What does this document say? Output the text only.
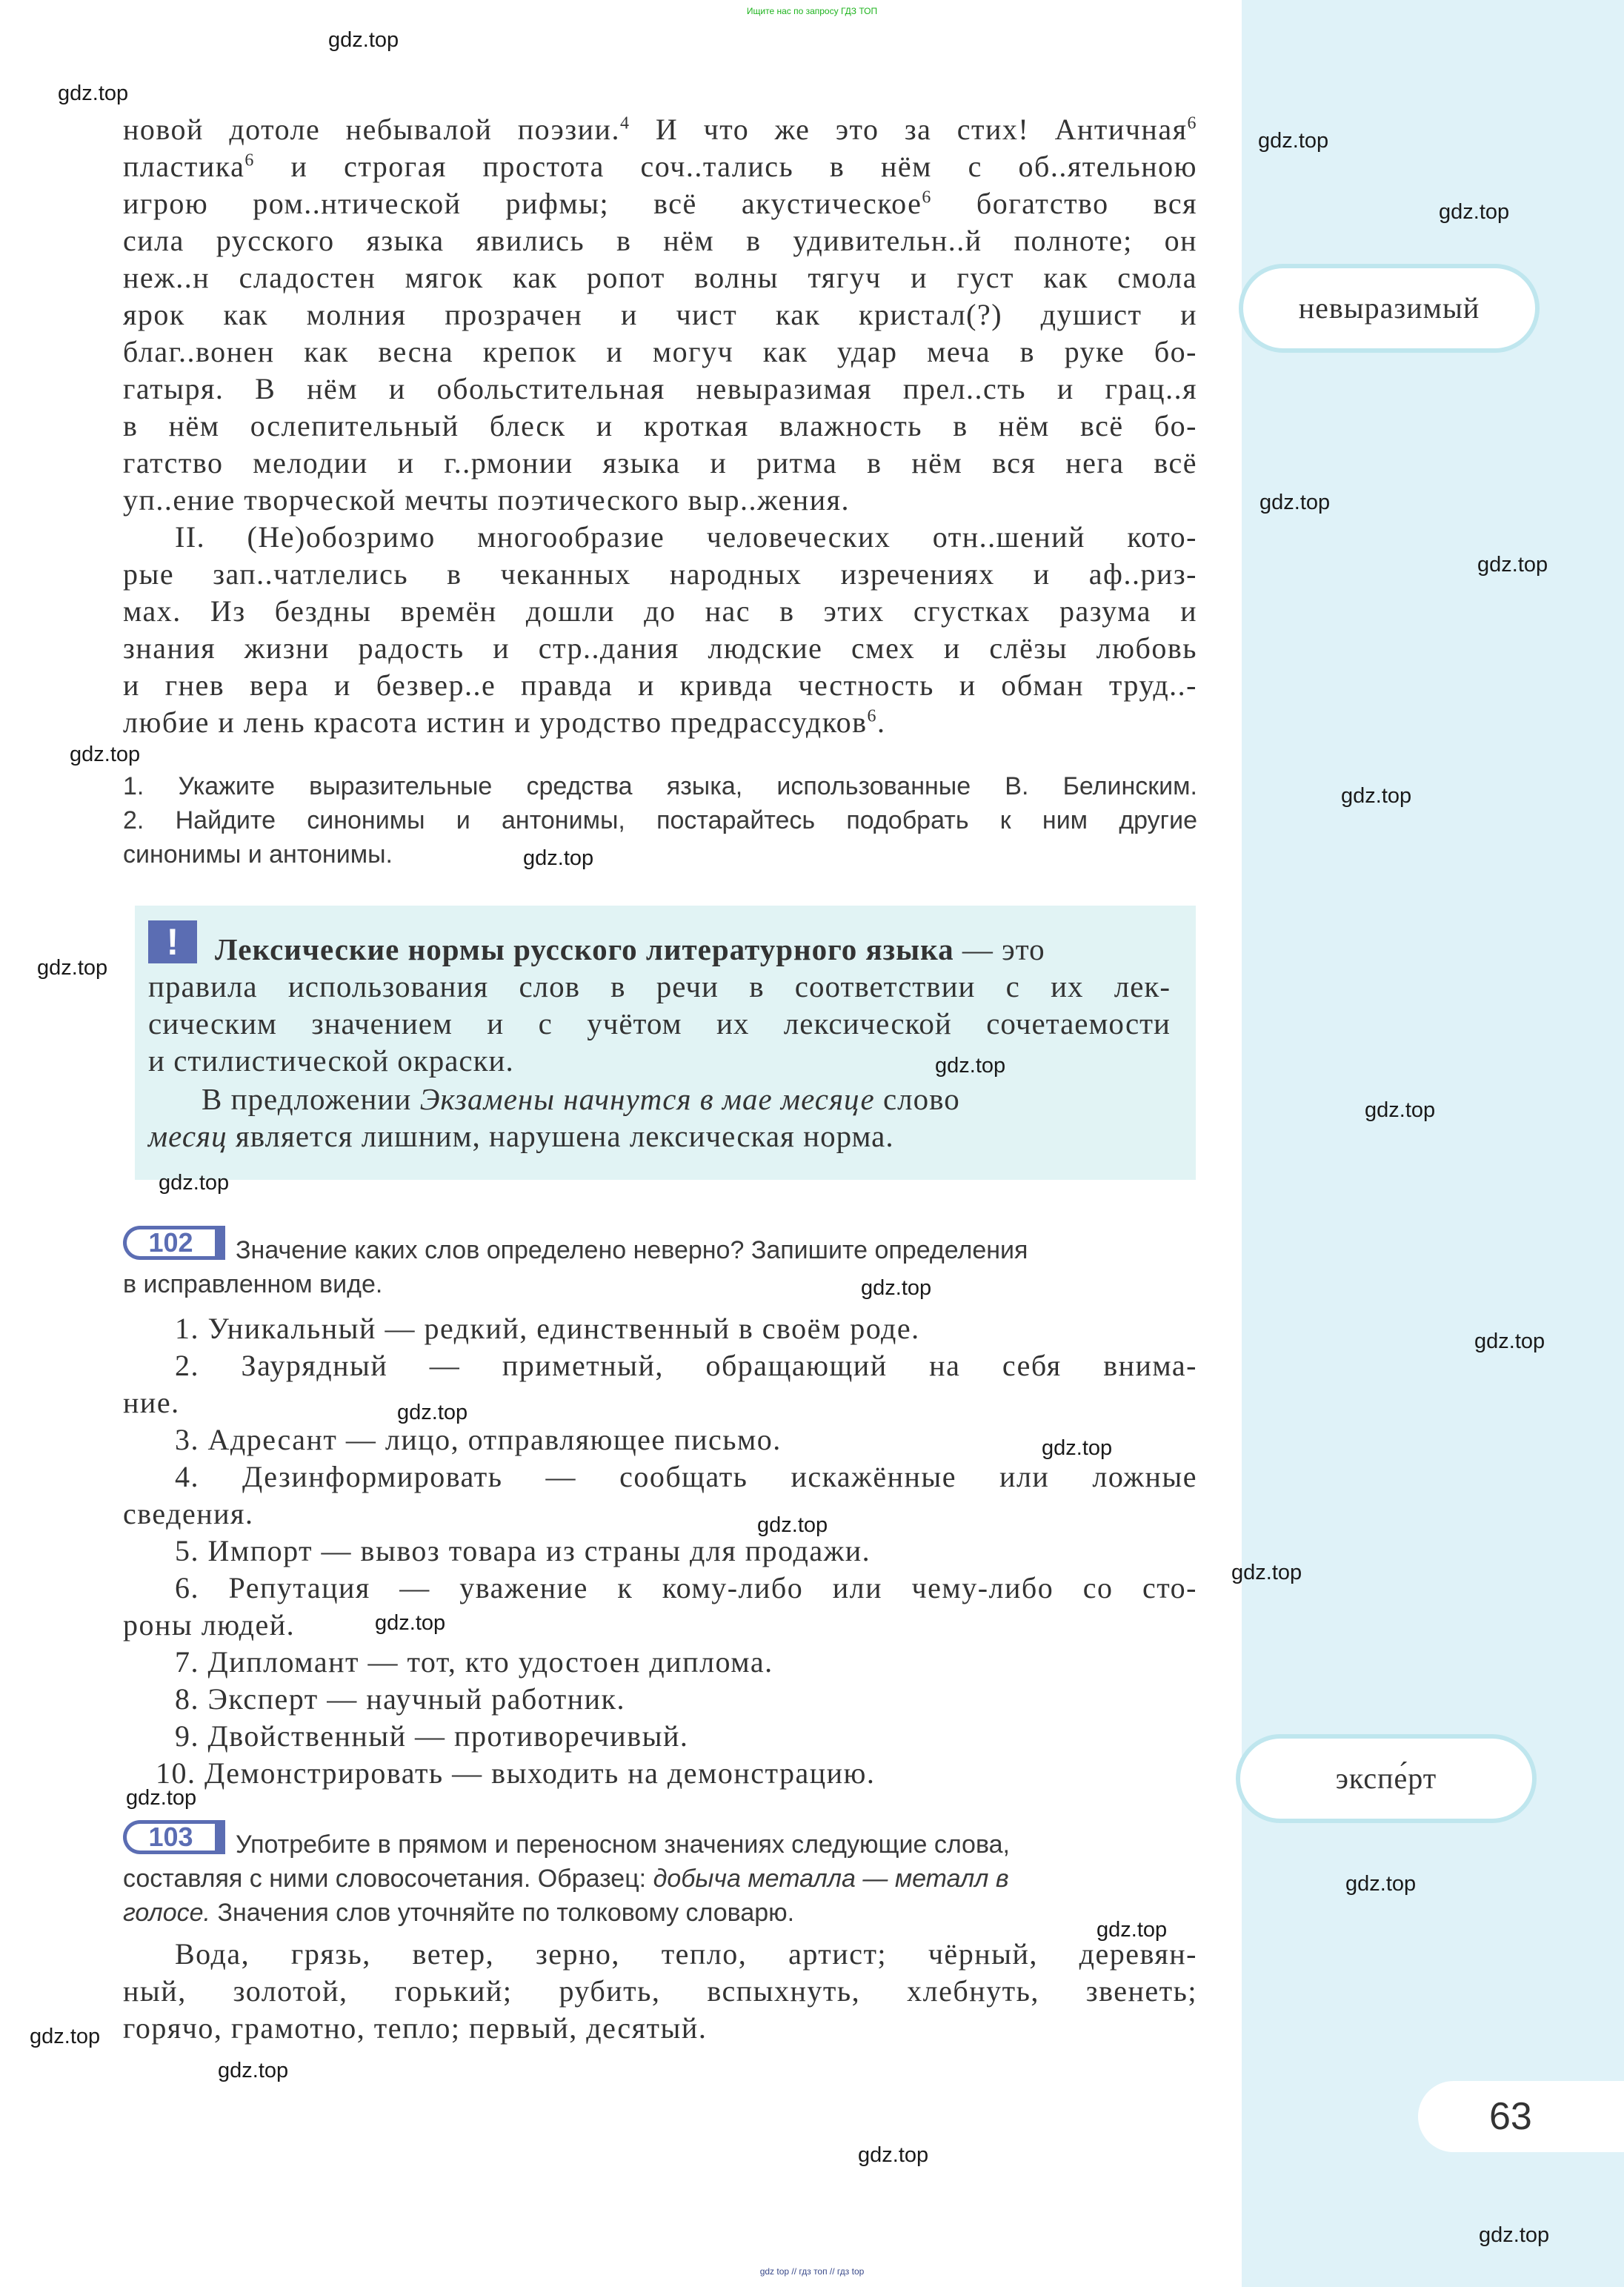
Ищите нас по запросу ГДЗ ТОП
новой дотоле небывалой поэзии.$^4$ И что же это за стих! Античная$^6$
пластика$^6$ и строгая простота соч..тались в нём с об..ятельною
игрою ром..нтической рифмы; всё акустическое$^6$ богатство вся
сила русского языка явились в нём в удивительн..й полноте; он
неж..н сладостен мягок как ропот волны тягуч и густ как смола
ярок как молния прозрачен и чист как кристал(?) душист и
благ..вонен как весна крепок и могуч как удар меча в руке бо-
гатыря. В нём и обольстительная невыразимая прел..сть и грац..я
в нём ослепительный блеск и кроткая влажность в нём всё бо-
гатство мелодии и г..рмонии языка и ритма в нём вся нега всё
уп..ение творческой мечты поэтического выр..жения.
II. (Не)обозримо многообразие человеческих отн..шений кото-
рые зап..чатлелись в чеканных народных изречениях и аф..риз-
мах. Из бездны времён дошли до нас в этих сгустках разума и
знания жизни радость и стр..дания людские смех и слёзы любовь
и гнев вера и безвер..е правда и кривда честность и обман труд..-
любие и лень красота истин и уродство предрассудков$^6$.
1. Укажите выразительные средства языка, использованные В. Белинским.
2. Найдите синонимы и антонимы, постарайтесь подобрать к ним другие
синонимы и антонимы.
!	Лексические нормы русского литературного языка — это
правила использования слов в речи в соответствии с их лек-
сическим значением и с учётом их лексической сочетаемости
и стилистической окраски.
В предложении Экзамены начнутся в мае месяце слово
месяц является лишним, нарушена лексическая норма.
102	Значение каких слов определено неверно? Запишите определения
в исправленном виде.
1. Уникальный — редкий, единственный в своём роде.
2. Заурядный — приметный, обращающий на себя внима-
ние.
3. Адресант — лицо, отправляющее письмо.
4. Дезинформировать — сообщать искажённые или ложные
сведения.
5. Импорт — вывоз товара из страны для продажи.
6. Репутация — уважение к кому-либо или чему-либо со сто-
роны людей.
7. Дипломант — тот, кто удостоен диплома.
8. Эксперт — научный работник.
9. Двойственный — противоречивый.
10. Демонстрировать — выходить на демонстрацию.
103	Употребите в прямом и переносном значениях следующие слова,
составляя с ними словосочетания. Образец: добыча металла — металл в
голосе. Значения слов уточняйте по толковому словарю.
Вода, грязь, ветер, зерно, тепло, артист; чёрный, деревян-
ный, золотой, горький; рубить, вспыхнуть, хлебнуть, звенеть;
горячо, грамотно, тепло; первый, десятый.
невыразимый
экспе́рт
63
gdz.top
gdz.top
gdz.top
gdz.top
gdz.top
gdz.top
gdz.top
gdz.top
gdz.top
gdz.top
gdz.top
gdz.top
gdz.top
gdz.top
gdz.top
gdz.top
gdz.top
gdz.top
gdz.top
gdz.top
gdz.top
gdz.top
gdz.top
gdz.top
gdz.top
gdz.top
gdz.top
gdz top // гдз топ // гдз top
